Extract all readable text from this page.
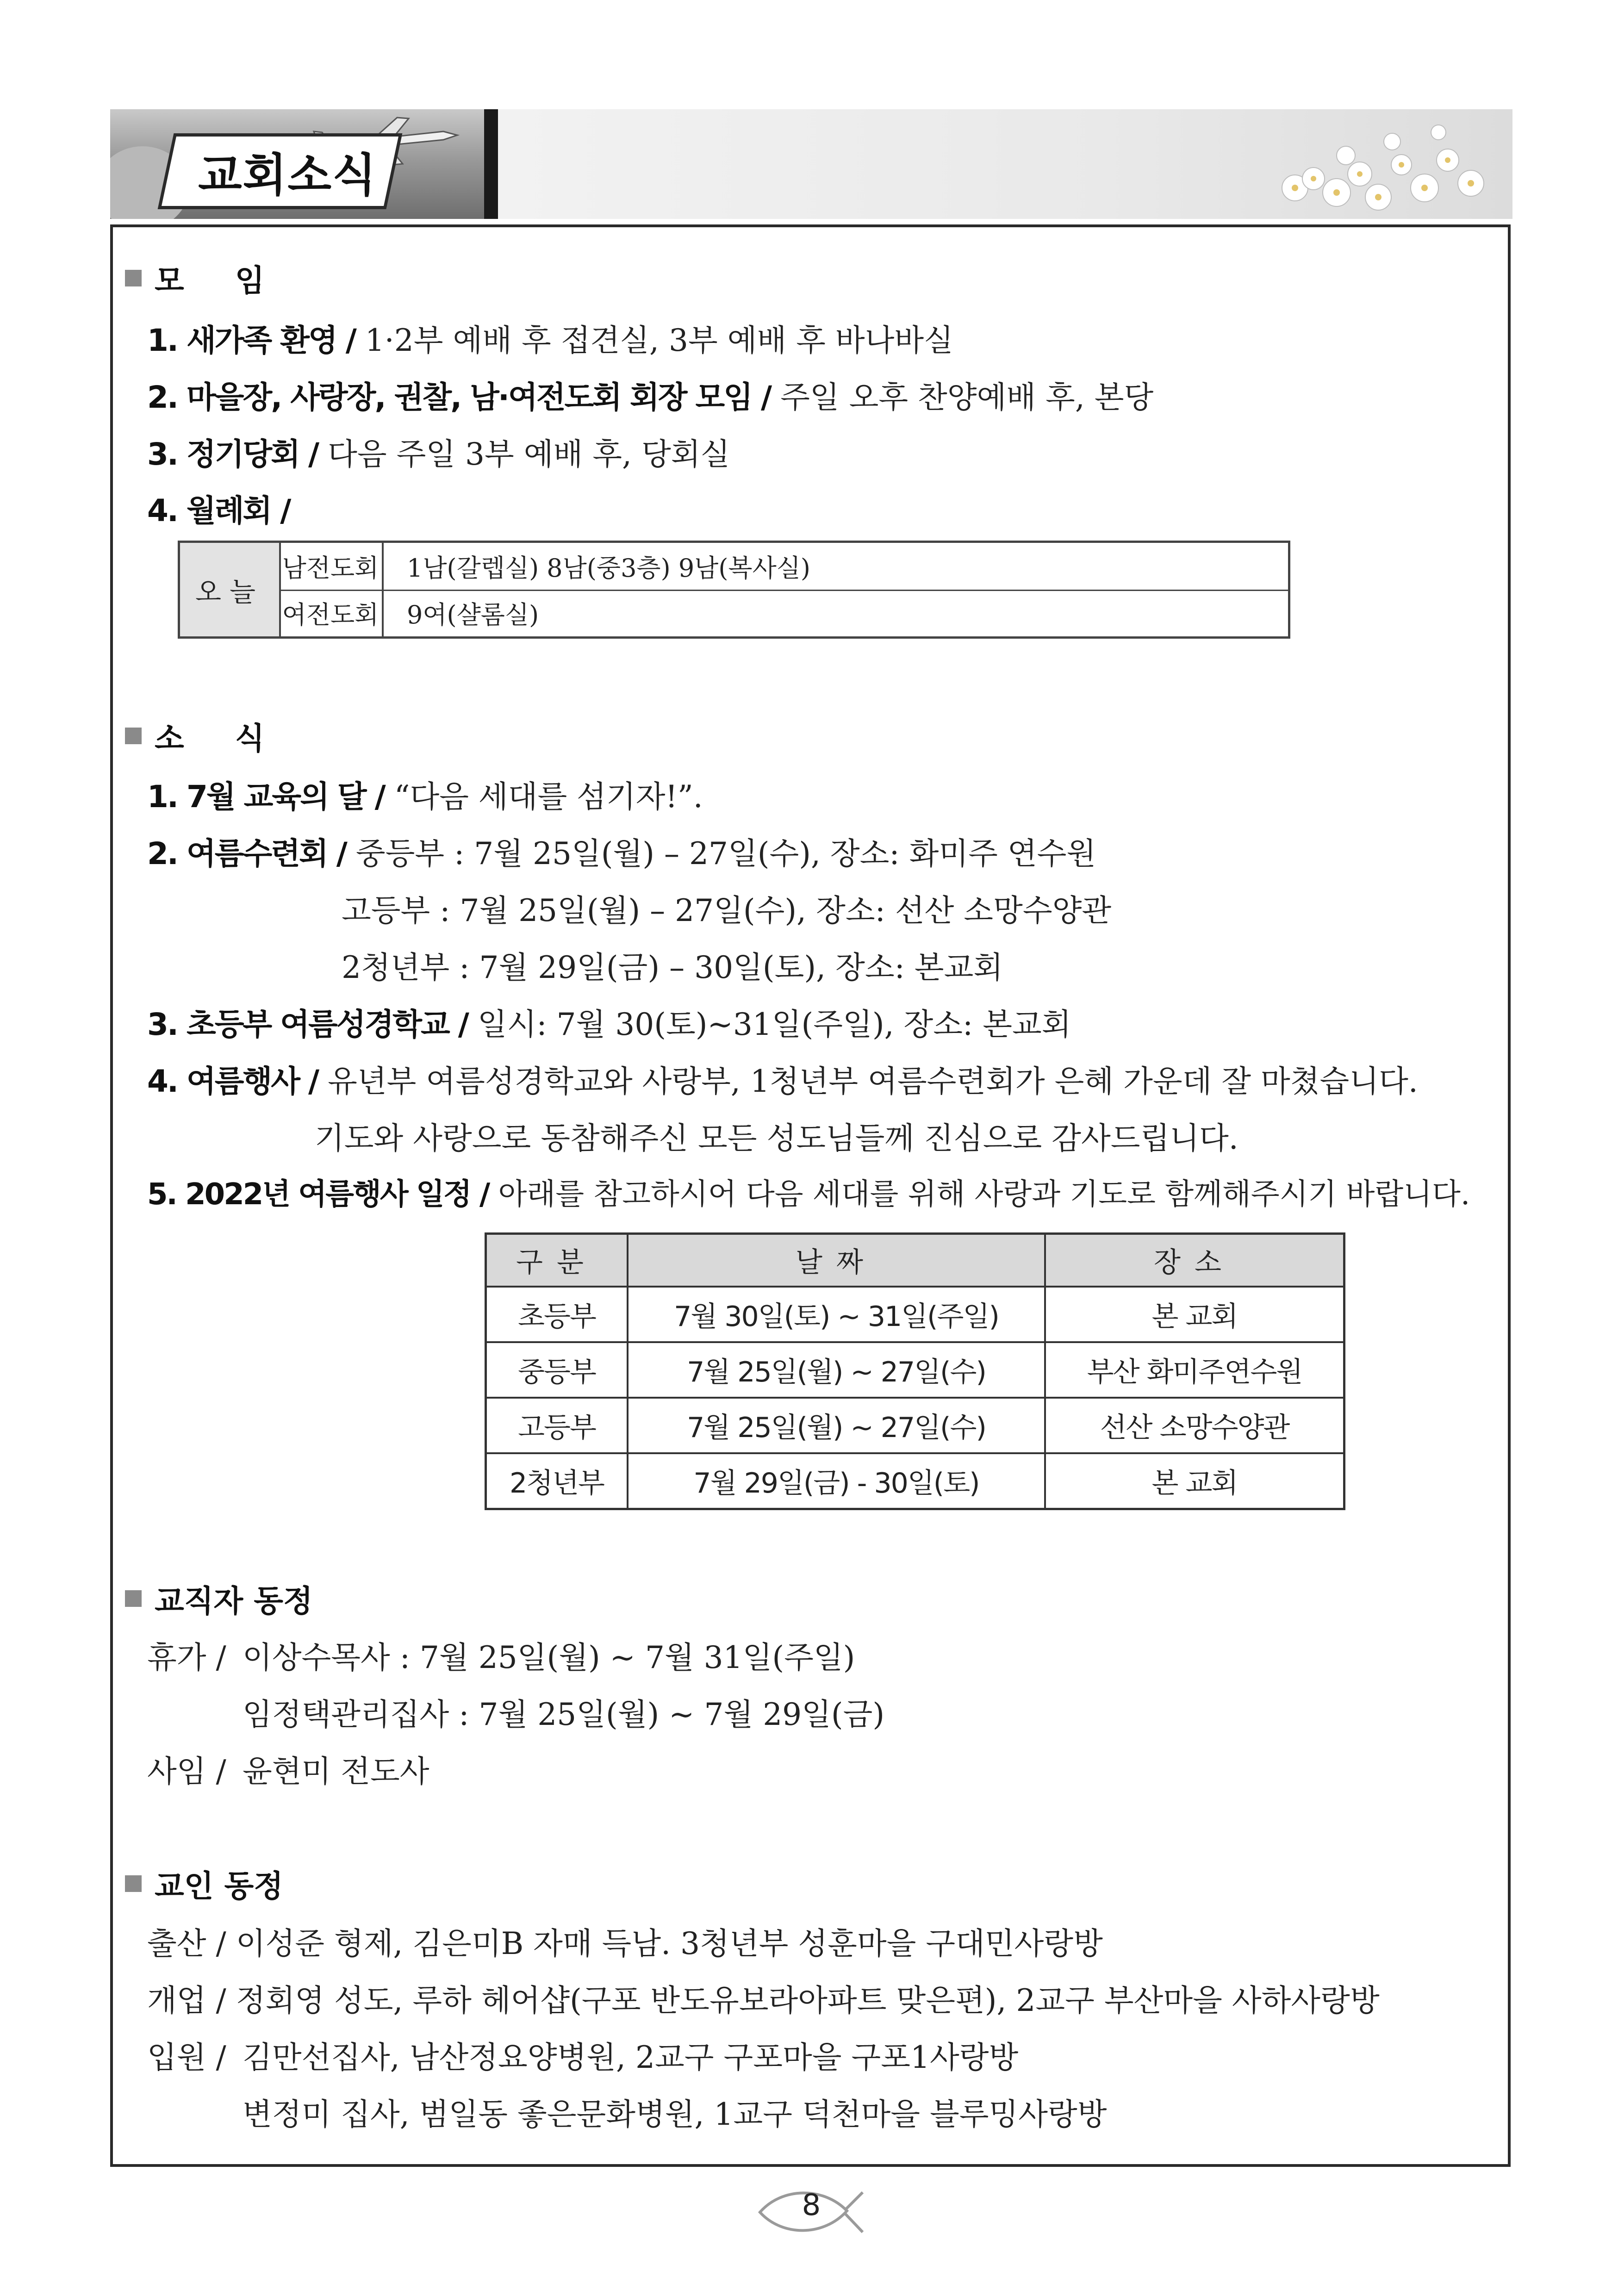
교회소식
모임
1. 새가족 환영 / 1·2부 예배 후 접견실, 3부 예배 후 바나바실
2. 마을장, 사랑장, 권찰, 남·여전도회 회장 모임 / 주일 오후 찬양예배 후, 본당
3. 정기당회 / 다음 주일 3부 예배 후, 당회실
4. 월례회 /
오늘
남전도회	1남(갈렙실) 8남(중3층) 9남(복사실)
여전도회	9여(샬롬실)
소식
1. 7월 교육의 달 / “다음 세대를 섬기자!”.
2. 여름수련회 / 중등부 : 7월 25일(월) – 27일(수), 장소: 화미주 연수원
고등부 : 7월 25일(월) – 27일(수), 장소: 선산 소망수양관
2청년부 : 7월 29일(금) – 30일(토), 장소: 본교회
3. 초등부 여름성경학교 / 일시: 7월 30(토)~31일(주일), 장소: 본교회
4. 여름행사 / 유년부 여름성경학교와 사랑부, 1청년부 여름수련회가 은혜 가운데 잘 마쳤습니다.
기도와 사랑으로 동참해주신 모든 성도님들께 진심으로 감사드립니다.
5. 2022년 여름행사 일정 / 아래를 참고하시어 다음 세대를 위해 사랑과 기도로 함께해주시기 바랍니다.
구분	날짜	장소
초등부	7월 30일(토) ~ 31일(주일)	본 교회
중등부	7월 25일(월) ~ 27일(수)	부산 화미주연수원
고등부	7월 25일(월) ~ 27일(수)	선산 소망수양관
2청년부	7월 29일(금) - 30일(토)	본 교회
교직자 동정
휴가 / 이상수목사 : 7월 25일(월) ~ 7월 31일(주일)
임정택관리집사 : 7월 25일(월) ~ 7월 29일(금)
사임 / 윤현미 전도사
교인 동정
출산 / 이성준 형제, 김은미B 자매 득남. 3청년부 성훈마을 구대민사랑방
개업 / 정회영 성도, 루하 헤어샵(구포 반도유보라아파트 맞은편), 2교구 부산마을 사하사랑방
입원 / 김만선집사, 남산정요양병원, 2교구 구포마을 구포1사랑방
변정미 집사, 범일동 좋은문화병원, 1교구 덕천마을 블루밍사랑방
8
